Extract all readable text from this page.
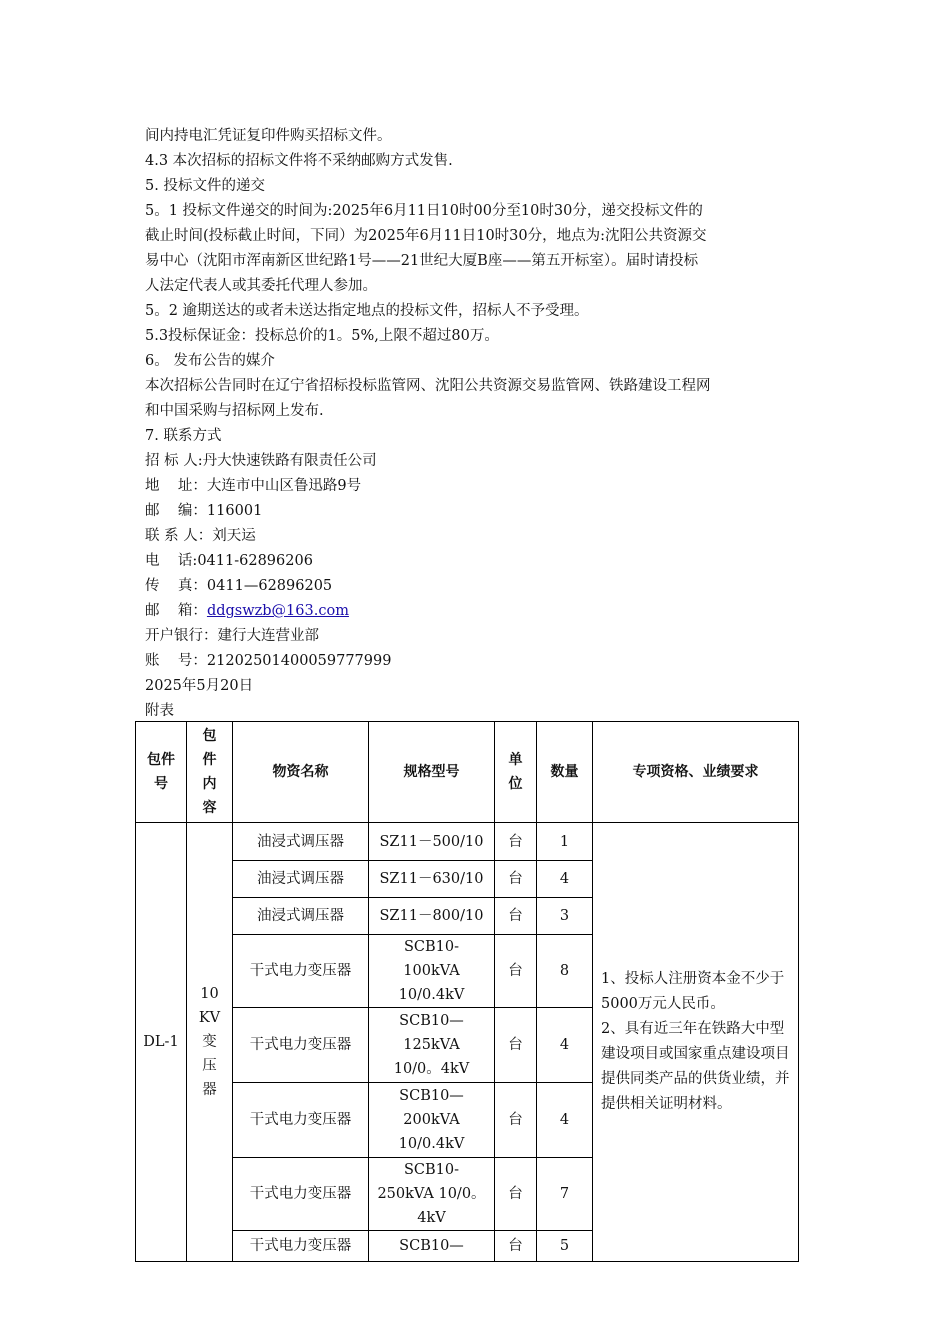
间内持电汇凭证复印件购买招标文件。

4.3 本次招标的招标文件将不采纳邮购方式发售.

5. 投标文件的递交

5。1 投标文件递交的时间为:2025年6月11日10时00分至10时30分，递交投标文件的

截止时间(投标截止时间，下同）为2025年6月11日10时30分，地点为:沈阳公共资源交

易中心（沈阳市浑南新区世纪路1号——21世纪大厦B座——第五开标室）。届时请投标

人法定代表人或其委托代理人参加。

5。2 逾期送达的或者未送达指定地点的投标文件，招标人不予受理。

5.3投标保证金：投标总价的1。5%,上限不超过80万。

6。 发布公告的媒介

本次招标公告同时在辽宁省招标投标监管网、沈阳公共资源交易监管网、铁路建设工程网

和中国采购与招标网上发布.

7. 联系方式

招 标 人:丹大快速铁路有限责任公司

地    址：大连市中山区鲁迅路9号

邮    编：116001

联 系 人：刘天运

电    话:0411-62896206

传    真：0411—62896205

邮    箱：ddgswzb@163.com

开户银行：建行大连营业部

账    号：21202501400059777999

2025年5月20日

附表

包件号	包件内容	物资名称	规格型号	单位	数量	专项资格、业绩要求
DL-1	10KV变压器	油浸式调压器	SZ11－500/10	台	1	1、投标人注册资本金不少于5000万元人民币。
2、具有近三年在铁路大中型建设项目或国家重点建设项目提供同类产品的供货业绩，并提供相关证明材料。

		油浸式调压器	SZ11－630/10	台	4	
		油浸式调压器	SZ11－800/10	台	3	
		干式电力变压器	SCB10-100kVA 10/0.4kV	台	8	
		干式电力变压器	SCB10— 125kVA 10/0。4kV	台	4	
		干式电力变压器	SCB10— 200kVA 10/0.4kV	台	4	
		干式电力变压器	SCB10-250kVA 10/0。4kV	台	7	
		干式电力变压器	SCB10—	台	5	
